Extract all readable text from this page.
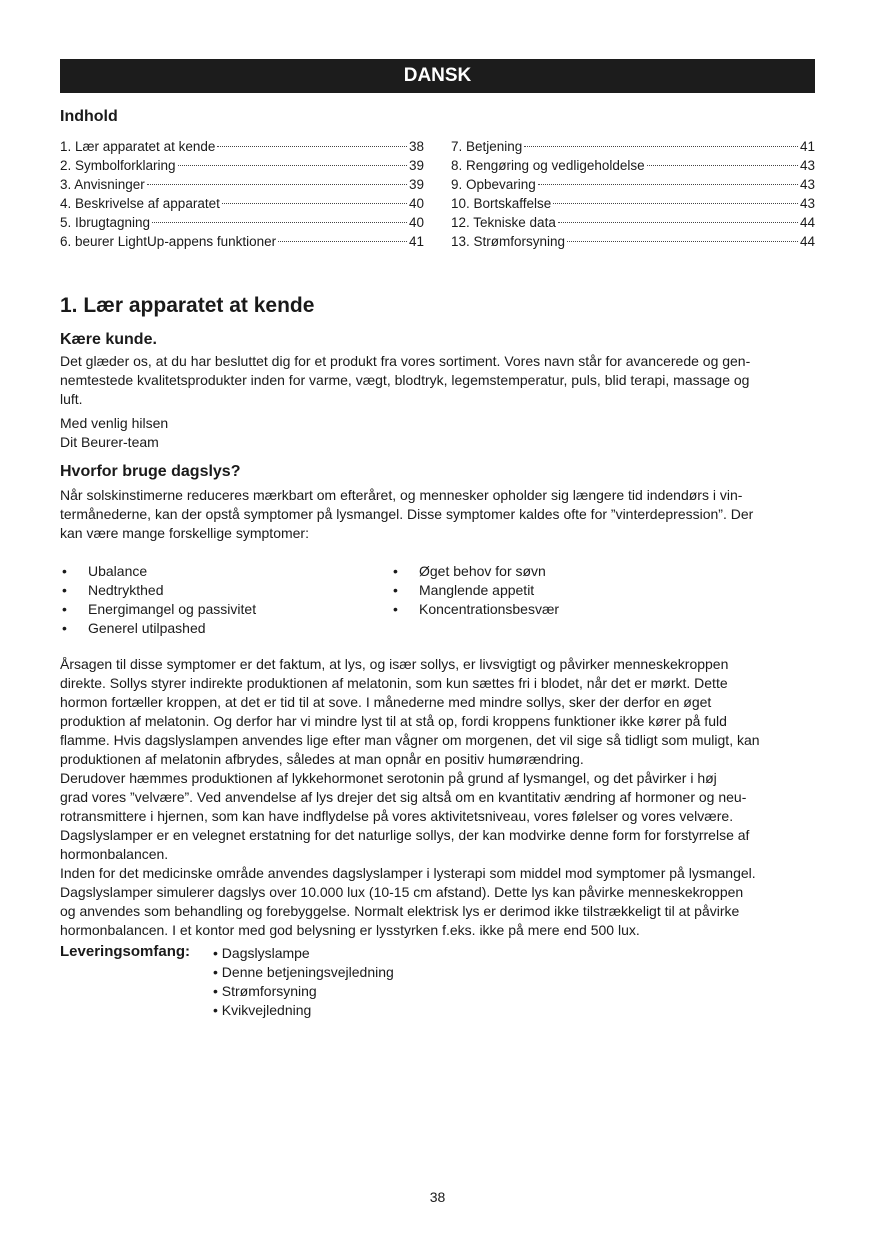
DANSK
Indhold
1. Lær apparatet at kende	38
2. Symbolforklaring	39
3. Anvisninger	39
4. Beskrivelse af apparatet	40
5. Ibrugtagning	40
6. beurer LightUp-appens funktioner	41
7. Betjening	41
8. Rengøring og vedligeholdelse	43
9. Opbevaring	43
10. Bortskaffelse	43
12. Tekniske data	44
13. Strømforsyning	44
1. Lær apparatet at kende
Kære kunde.
Det glæder os, at du har besluttet dig for et produkt fra vores sortiment. Vores navn står for avancerede og gen-
nemtestede kvalitetsprodukter inden for varme, vægt, blodtryk, legemstemperatur, puls, blid terapi, massage og
luft.
Med venlig hilsen
Dit Beurer-team
Hvorfor bruge dagslys?
Når solskinstimerne reduceres mærkbart om efteråret, og mennesker opholder sig længere tid indendørs i vin-
termånederne, kan der opstå symptomer på lysmangel. Disse symptomer kaldes ofte for ”vinterdepression”. Der
kan være mange forskellige symptomer:
•	Ubalance
•	Nedtrykthed
•	Energimangel og passivitet
•	Generel utilpashed
•	Øget behov for søvn
•	Manglende appetit
•	Koncentrationsbesvær
Årsagen til disse symptomer er det faktum, at lys, og især sollys, er livsvigtigt og påvirker menneskekroppen
direkte. Sollys styrer indirekte produktionen af melatonin, som kun sættes fri i blodet, når det er mørkt. Dette
hormon fortæller kroppen, at det er tid til at sove. I månederne med mindre sollys, sker der derfor en øget
produktion af melatonin. Og derfor har vi mindre lyst til at stå op, fordi kroppens funktioner ikke kører på fuld
flamme. Hvis dagslyslampen anvendes lige efter man vågner om morgenen, det vil sige så tidligt som muligt, kan
produktionen af melatonin afbrydes, således at man opnår en positiv humørændring.
Derudover hæmmes produktionen af lykkehormonet serotonin på grund af lysmangel, og det påvirker i høj
grad vores ”velvære”. Ved anvendelse af lys drejer det sig altså om en kvantitativ ændring af hormoner og neu-
rotransmittere i hjernen, som kan have indflydelse på vores aktivitetsniveau, vores følelser og vores velvære.
Dagslyslamper er en velegnet erstatning for det naturlige sollys, der kan modvirke denne form for forstyrrelse af
hormonbalancen.
Inden for det medicinske område anvendes dagslyslamper i lysterapi som middel mod symptomer på lysmangel.
Dagslyslamper simulerer dagslys over 10.000 lux (10-15 cm afstand). Dette lys kan påvirke menneskekroppen
og anvendes som behandling og forebyggelse. Normalt elektrisk lys er derimod ikke tilstrækkeligt til at påvirke
hormonbalancen. I et kontor med god belysning er lysstyrken f.eks. ikke på mere end 500 lux.
Leveringsomfang: • Dagslyslampe
• Denne betjeningsvejledning
• Strømforsyning
• Kvikvejledning
38
